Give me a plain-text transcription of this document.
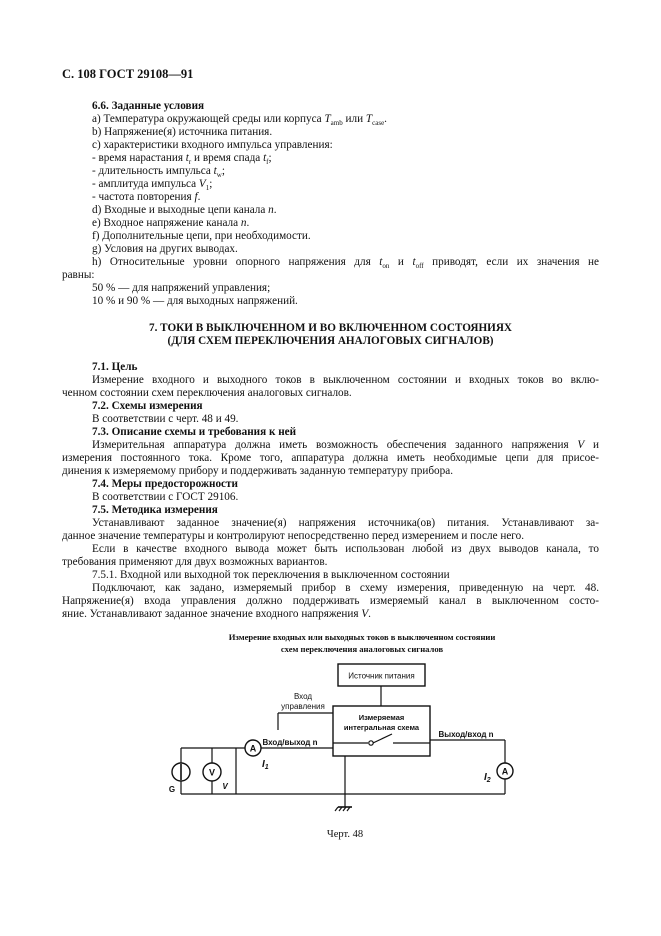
С. 108 ГОСТ 29108—91
6.6. Заданные условия
а) Температура окружающей среды или корпуса $T_{amb}$ или $T_{case}$.
b) Напряжение(я) источника питания.
с) характеристики входного импульса управления:
- время нарастания $t_r$ и время спада $t_f$;
- длительность импульса $t_w$;
- амплитуда импульса $V_1$;
- частота повторения f.
d) Входные и выходные цепи канала n.
е) Входное напряжение канала n.
f) Дополнительные цепи, при необходимости.
g) Условия на других выводах.
h) Относительные уровни опорного напряжения для $t_{on}$ и $t_{off}$ приводят, если их значения не
равны:
50 % — для напряжений управления;
10 % и 90 % — для выходных напряжений.
7. ТОКИ В ВЫКЛЮЧЕННОМ И ВО ВКЛЮЧЕННОМ СОСТОЯНИЯХ
(ДЛЯ СХЕМ ПЕРЕКЛЮЧЕНИЯ АНАЛОГОВЫХ СИГНАЛОВ)
7.1. Цель
Измерение входного и выходного токов в выключенном состоянии и входных токов во вклю-
ченном состоянии схем переключения аналоговых сигналов.
7.2. Схемы измерения
В соответствии с черт. 48 и 49.
7.3. Описание схемы и требования к ней
Измерительная аппаратура должна иметь возможность обеспечения заданного напряжения V и
измерения постоянного тока. Кроме того, аппаратура должна иметь необходимые цепи для присое-
динения к измеряемому прибору и поддерживать заданную температуру прибора.
7.4. Меры предосторожности
В соответствии с ГОСТ 29106.
7.5. Методика измерения
Устанавливают заданное значение(я) напряжения источника(ов) питания. Устанавливают за-
данное значение температуры и контролируют непосредственно перед измерением и после него.
Если в качестве входного вывода может быть использован любой из двух выводов канала, то
требования применяют для двух возможных вариантов.
7.5.1. Входной или выходной ток переключения в выключенном состоянии
Подключают, как задано, измеряемый прибор в схему измерения, приведенную на черт. 48.
Напряжение(я) входа управления должно поддерживать измеряемый канал в выключенном состо-
яние. Устанавливают заданное значение входного напряжения V.
Измерение входных или выходных токов в выключенном состоянии
схем переключения аналоговых сигналов
Источник питания
Измеряемая
интегральная схема
Вход
управления
A
Вход/выход n
$I_1$
G
V
V
Выход/вход n
A
$I_2$
Черт. 48
